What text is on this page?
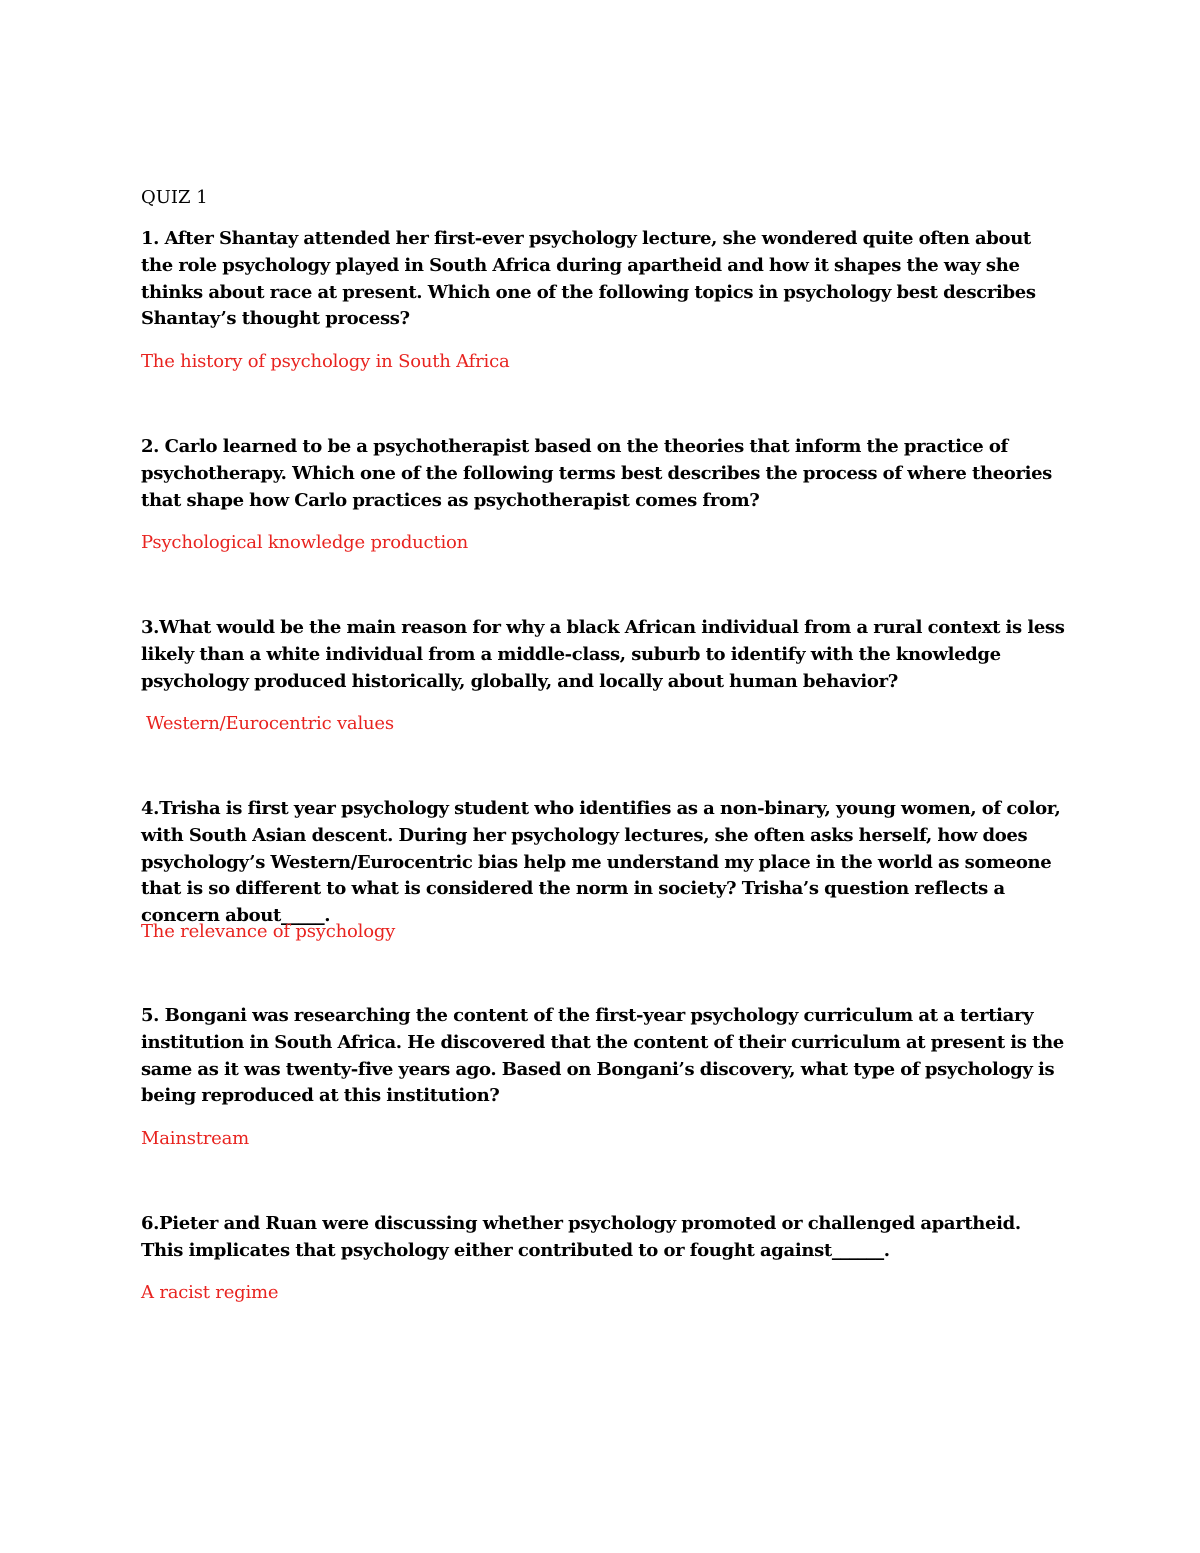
QUIZ 1
1. After Shantay attended her first-ever psychology lecture, she wondered quite often about the role psychology played in South Africa during apartheid and how it shapes the way she thinks about race at present. Which one of the following topics in psychology best describes Shantay’s thought process?
The history of psychology in South Africa
2. Carlo learned to be a psychotherapist based on the theories that inform the practice of psychotherapy. Which one of the following terms best describes the process of where theories that shape how Carlo practices as psychotherapist comes from?
Psychological knowledge production
3.What would be the main reason for why a black African individual from a rural context is less likely than a white individual from a middle-class, suburb to identify with the knowledge psychology produced historically, globally, and locally about human behavior?
Western/Eurocentric values
4.Trisha is first year psychology student who identifies as a non-binary, young women, of color, with South Asian descent. During her psychology lectures, she often asks herself, how does psychology’s Western/Eurocentric bias help me understand my place in the world as someone that is so different to what is considered the norm in society? Trisha’s question reflects a concern about_____.
The relevance of psychology
5. Bongani was researching the content of the first-year psychology curriculum at a tertiary institution in South Africa. He discovered that the content of their curriculum at present is the same as it was twenty-five years ago. Based on Bongani’s discovery, what type of psychology is being reproduced at this institution?
Mainstream
6.Pieter and Ruan were discussing whether psychology promoted or challenged apartheid. This implicates that psychology either contributed to or fought against______.
A racist regime
